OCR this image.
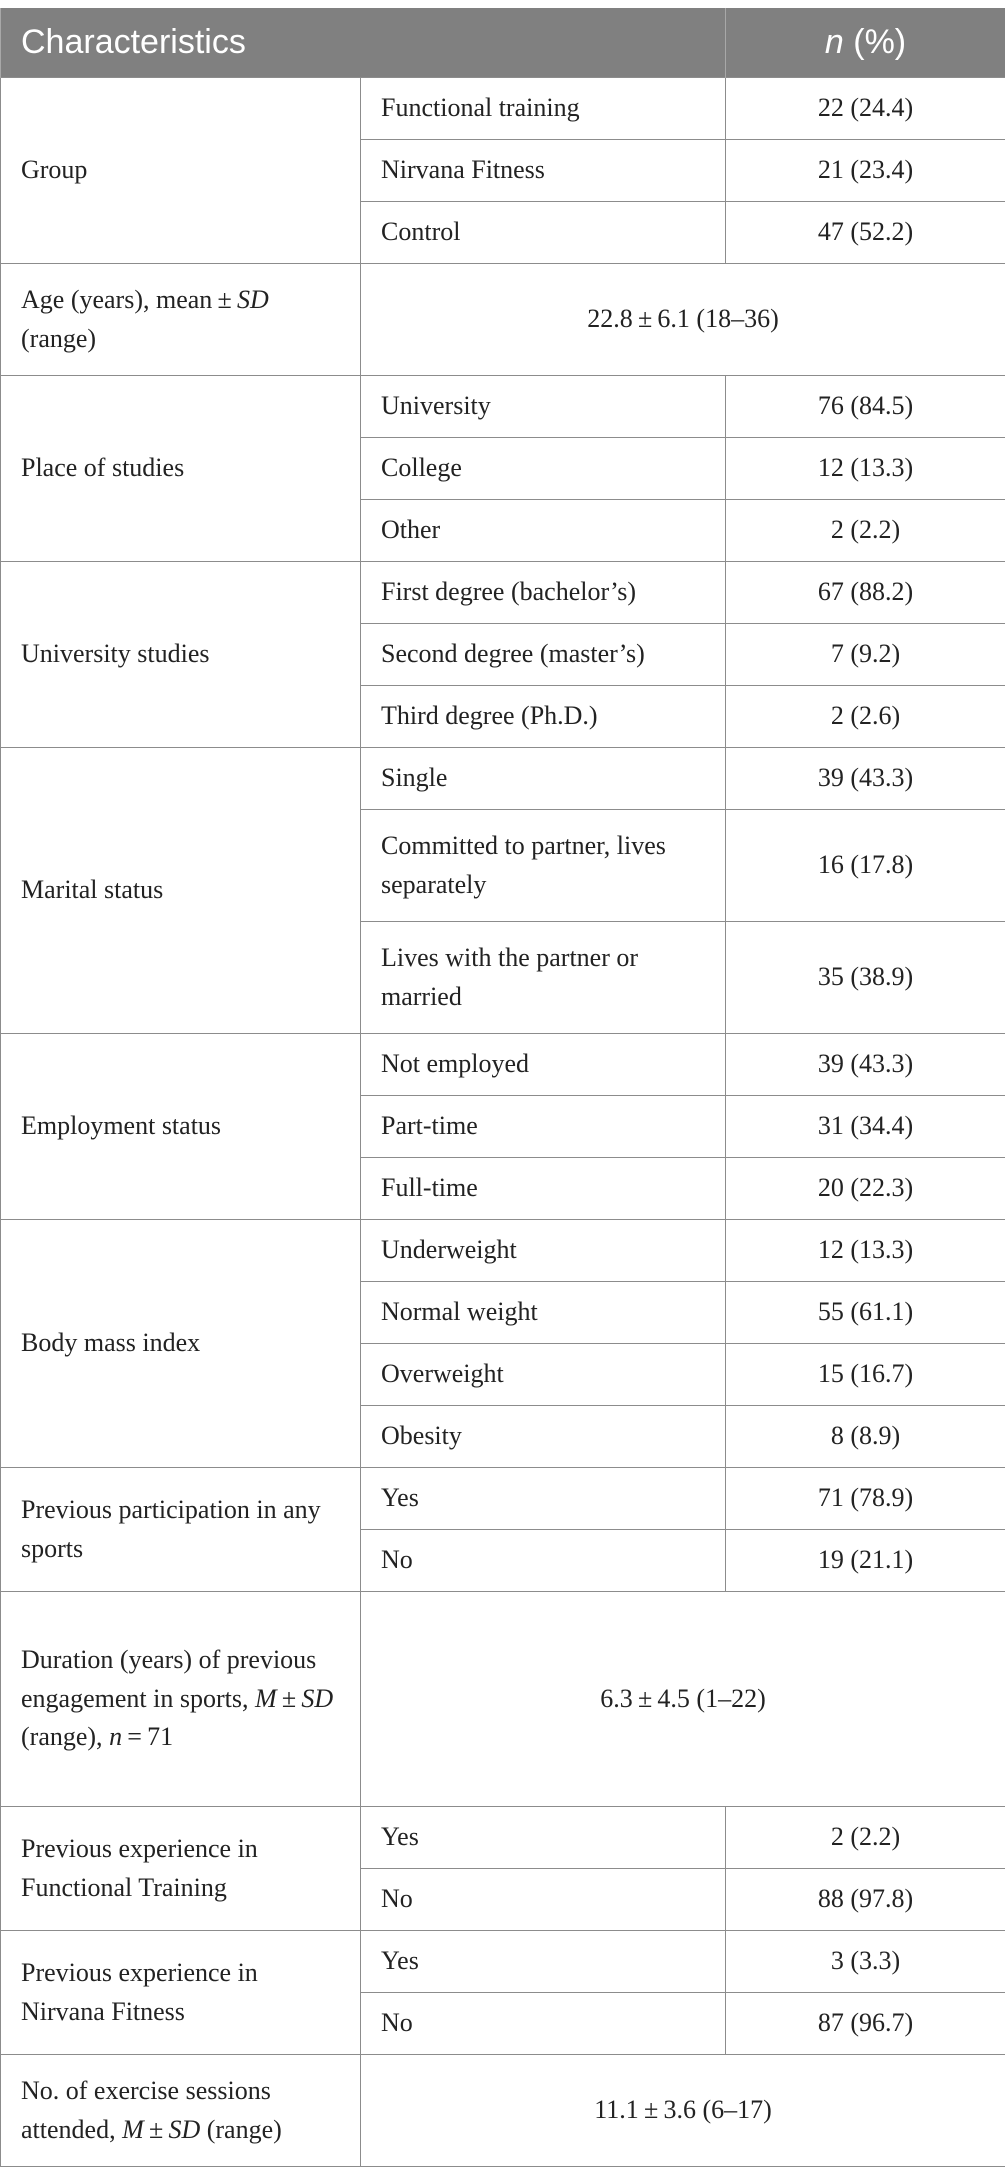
Characteristics		n (%)
Group	Functional training	22 (24.4)
	Nirvana Fitness	21 (23.4)
	Control	47 (52.2)
Age (years), mean ± SD (range)	22.8 ± 6.1 (18–36)	
Place of studies	University	76 (84.5)
	College	12 (13.3)
	Other	2 (2.2)
University studies	First degree (bachelor’s)	67 (88.2)
	Second degree (master’s)	7 (9.2)
	Third degree (Ph.D.)	2 (2.6)
Marital status	Single	39 (43.3)
	Committed to partner, lives separately	16 (17.8)
	Lives with the partner or married	35 (38.9)
Employment status	Not employed	39 (43.3)
	Part-time	31 (34.4)
	Full-time	20 (22.3)
Body mass index	Underweight	12 (13.3)
	Normal weight	55 (61.1)
	Overweight	15 (16.7)
	Obesity	8 (8.9)
Previous participation in any sports	Yes	71 (78.9)
	No	19 (21.1)
Duration (years) of previous engagement in sports, M ± SD (range), n = 71	6.3 ± 4.5 (1–22)	
Previous experience in Functional Training	Yes	2 (2.2)
	No	88 (97.8)
Previous experience in Nirvana Fitness	Yes	3 (3.3)
	No	87 (96.7)
No. of exercise sessions attended, M ± SD (range)	11.1 ± 3.6 (6–17)	
